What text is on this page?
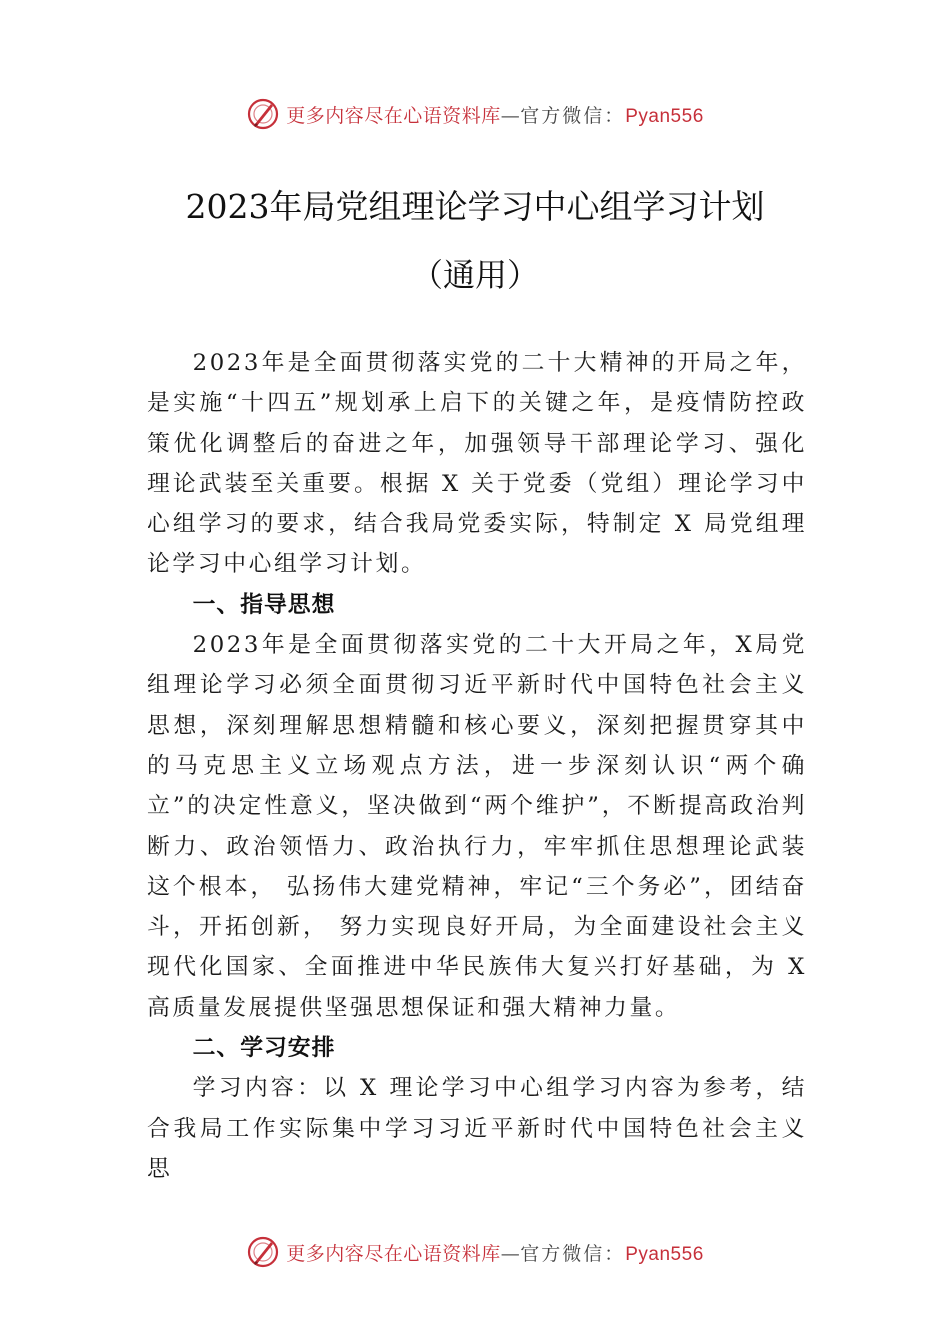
更多内容尽在心语资料库—官方微信：Pyan556
2023年局党组理论学习中心组学习计划
（通用）

2023年是全面贯彻落实党的二十大精神的开局之年，是实施“十四五”规划承上启下的关键之年，是疫情防控政策优化调整后的奋进之年，加强领导干部理论学习、强化理论武装至关重要。根据 X 关于党委（党组）理论学习中心组学习的要求，结合我局党委实际，特制定 X 局党组理论学习中心组学习计划。

一、指导思想

2023年是全面贯彻落实党的二十大开局之年，X局党组理论学习必须全面贯彻习近平新时代中国特色社会主义思想，深刻理解思想精髓和核心要义，深刻把握贯穿其中的马克思主义立场观点方法，进一步深刻认识“两个确立”的决定性意义，坚决做到“两个维护”，不断提高政治判断力、政治领悟力、政治执行力，牢牢抓住思想理论武装这个根本， 弘扬伟大建党精神，牢记“三个务必”，团结奋斗，开拓创新， 努力实现良好开局，为全面建设社会主义现代化国家、全面推进中华民族伟大复兴打好基础，为 X 高质量发展提供坚强思想保证和强大精神力量。

二、学习安排

学习内容：以 X 理论学习中心组学习内容为参考，结合我局工作实际集中学习习近平新时代中国特色社会主义思

更多内容尽在心语资料库—官方微信：Pyan556
